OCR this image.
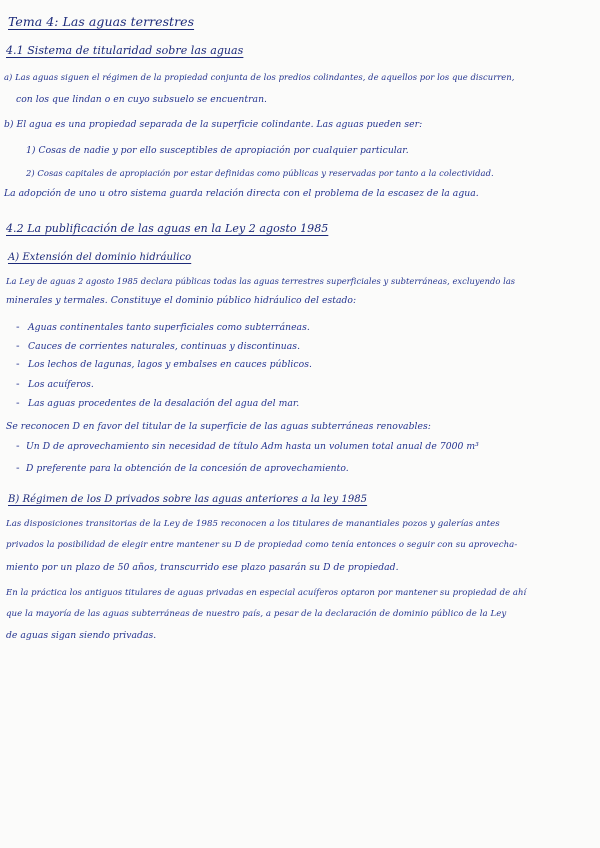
Tema 4: Las aguas terrestres
4.1 Sistema de titularidad sobre las aguas
a) Las aguas siguen el régimen de la propiedad conjunta de los predios colindantes, de aquellos por los que discurren,
con los que lindan o en cuyo subsuelo se encuentran.
b) El agua es una propiedad separada de la superficie colindante. Las aguas pueden ser:
1) Cosas de nadie y por ello susceptibles de apropiación por cualquier particular.
2) Cosas capitales de apropiación por estar definidas como públicas y reservadas por tanto a la colectividad.
La adopción de uno u otro sistema guarda relación directa con el problema de la escasez de la agua.
4.2 La publificación de las aguas en la Ley 2 agosto 1985
A) Extensión del dominio hidráulico
La Ley de aguas 2 agosto 1985 declara públicas todas las aguas terrestres superficiales y subterráneas, excluyendo las
minerales y termales. Constituye el dominio público hidráulico del estado:
- Aguas continentales tanto superficiales como subterráneas.
- Cauces de corrientes naturales, continuas y discontinuas.
- Los lechos de lagunas, lagos y embalses en cauces públicos.
- Los acuíferos.
- Las aguas procedentes de la desalación del agua del mar.
Se reconocen D en favor del titular de la superficie de las aguas subterráneas renovables:
- Un D de aprovechamiento sin necesidad de título Adm hasta un volumen total anual de 7000 m³
- D preferente para la obtención de la concesión de aprovechamiento.
B) Régimen de los D privados sobre las aguas anteriores a la ley 1985
Las disposiciones transitorias de la Ley de 1985 reconocen a los titulares de manantiales pozos y galerías antes
privados la posibilidad de elegir entre mantener su D de propiedad como tenía entonces o seguir con su aprovecha-
miento por un plazo de 50 años, transcurrido ese plazo pasarán su D de propiedad.
En la práctica los antiguos titulares de aguas privadas en especial acuíferos optaron por mantener su propiedad de ahí
que la mayoría de las aguas subterráneas de nuestro país, a pesar de la declaración de dominio público de la Ley
de aguas sigan siendo privadas.
